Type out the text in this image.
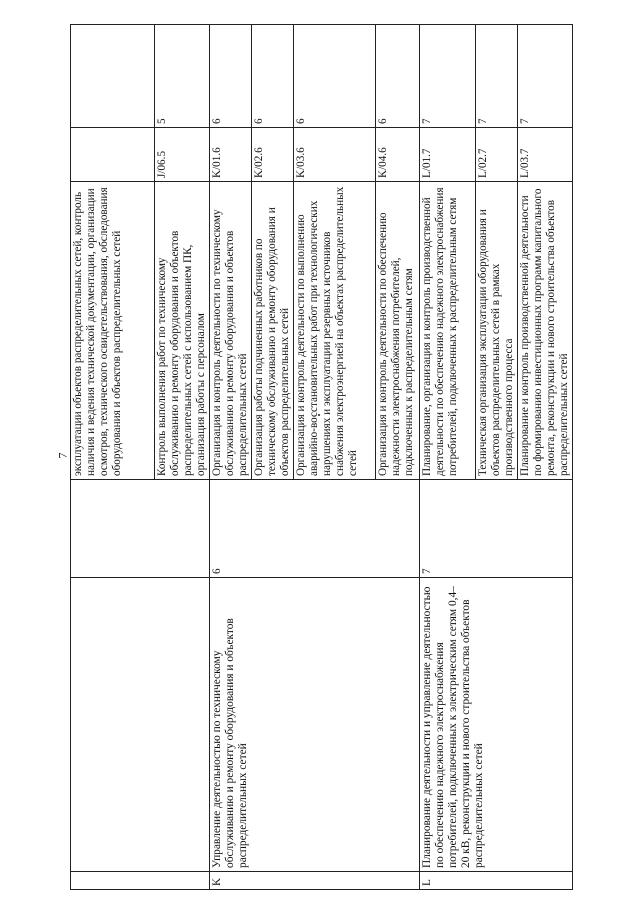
7
			эксплуатации объектов распределительных сетей, контроль наличия и ведения технической документации, организации осмотров, технического освидетельствования, обследования оборудования и объектов распределительных сетей		
			Контроль выполнения работ по техническому обслуживанию и ремонту оборудования и объектов распределительных сетей с использованием ПК, организация работы с персоналом	J/06.5	5
K	Управление деятельностью по техническому обслуживанию и ремонту оборудования и объектов распределительных сетей	6	Организация и контроль деятельности по техническому обслуживанию и ремонту оборудования и объектов распределительных сетей	K/01.6	6
			Организация работы подчиненных работников по техническому обслуживанию и ремонту оборудования и объектов распределительных сетей	K/02.6	6
			Организация и контроль деятельности по выполнению аварийно-восстановительных работ при технологических нарушениях и эксплуатации резервных источников снабжения электроэнергией на объектах распределительных сетей	K/03.6	6
			Организация и контроль деятельности по обеспечению надежности электроснабжения потребителей, подключенных к распределительным сетям	K/04.6	6
L	Планирование деятельности и управление деятельностью по обеспечению надежного электроснабжения потребителей, подключенных к электрическим сетям 0,4–20 кВ, реконструкции и нового строительства объектов распределительных сетей	7	Планирование, организация и контроль производственной деятельности по обеспечению надежного электроснабжения потребителей, подключенных к распределительным сетям	L/01.7	7
			Техническая организация эксплуатации оборудования и объектов распределительных сетей в рамках производственного процесса	L/02.7	7
			Планирование и контроль производственной деятельности по формированию инвестиционных программ капитального ремонта, реконструкции и нового строительства объектов распределительных сетей	L/03.7	7
